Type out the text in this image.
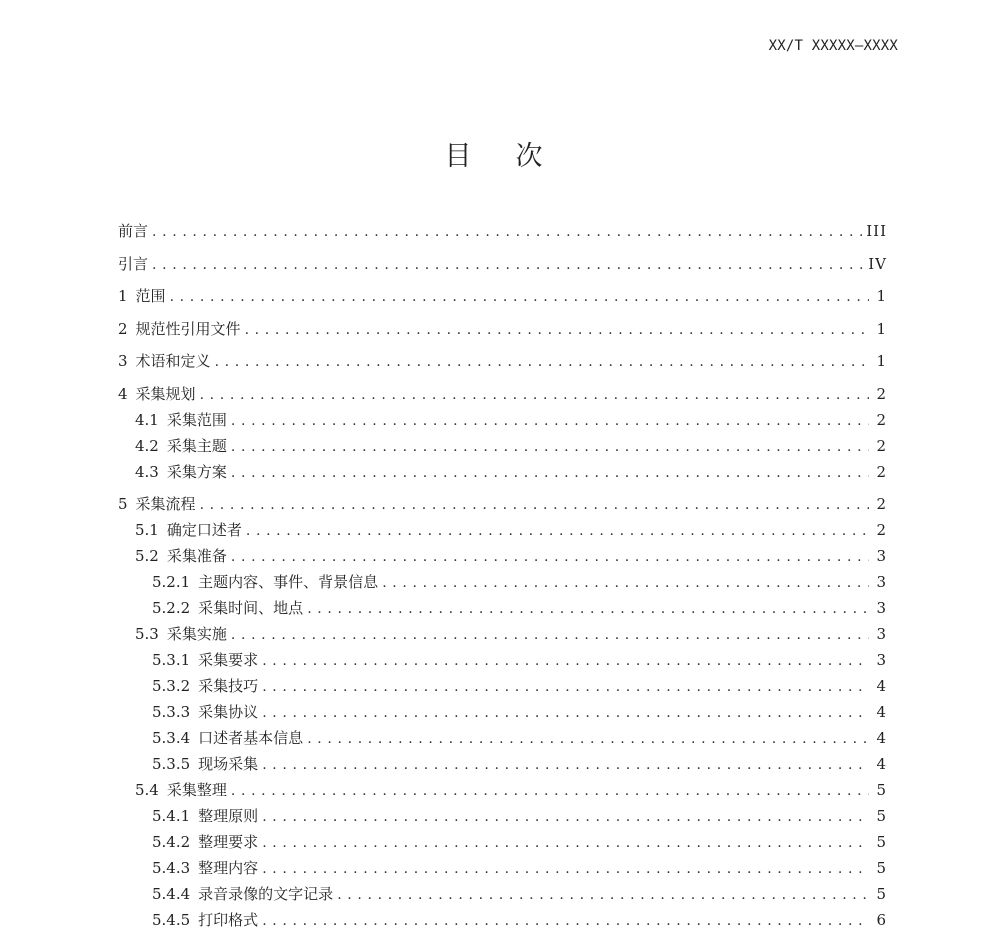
XX/T XXXXX—XXXX
目次
前言 . . .	III
引言 . . .	IV
1 范围 . . .	1
2 规范性引用文件 . . .	1
3 术语和定义 . . .	1
4 采集规划 . . .	2
4.1 采集范围 . . .	2
4.2 采集主题 . . .	2
4.3 采集方案 . . .	2
5 采集流程 . . .	2
5.1 确定口述者 . . .	2
5.2 采集准备 . . .	3
5.2.1 主题内容、事件、背景信息 . . .	3
5.2.2 采集时间、地点 . . .	3
5.3 采集实施 . . .	3
5.3.1 采集要求 . . .	3
5.3.2 采集技巧 . . .	4
5.3.3 采集协议 . . .	4
5.3.4 口述者基本信息 . . .	4
5.3.5 现场采集 . . .	4
5.4 采集整理 . . .	5
5.4.1 整理原则 . . .	5
5.4.2 整理要求 . . .	5
5.4.3 整理内容 . . .	5
5.4.4 录音录像的文字记录 . . .	5
5.4.5 打印格式 . . .	6
